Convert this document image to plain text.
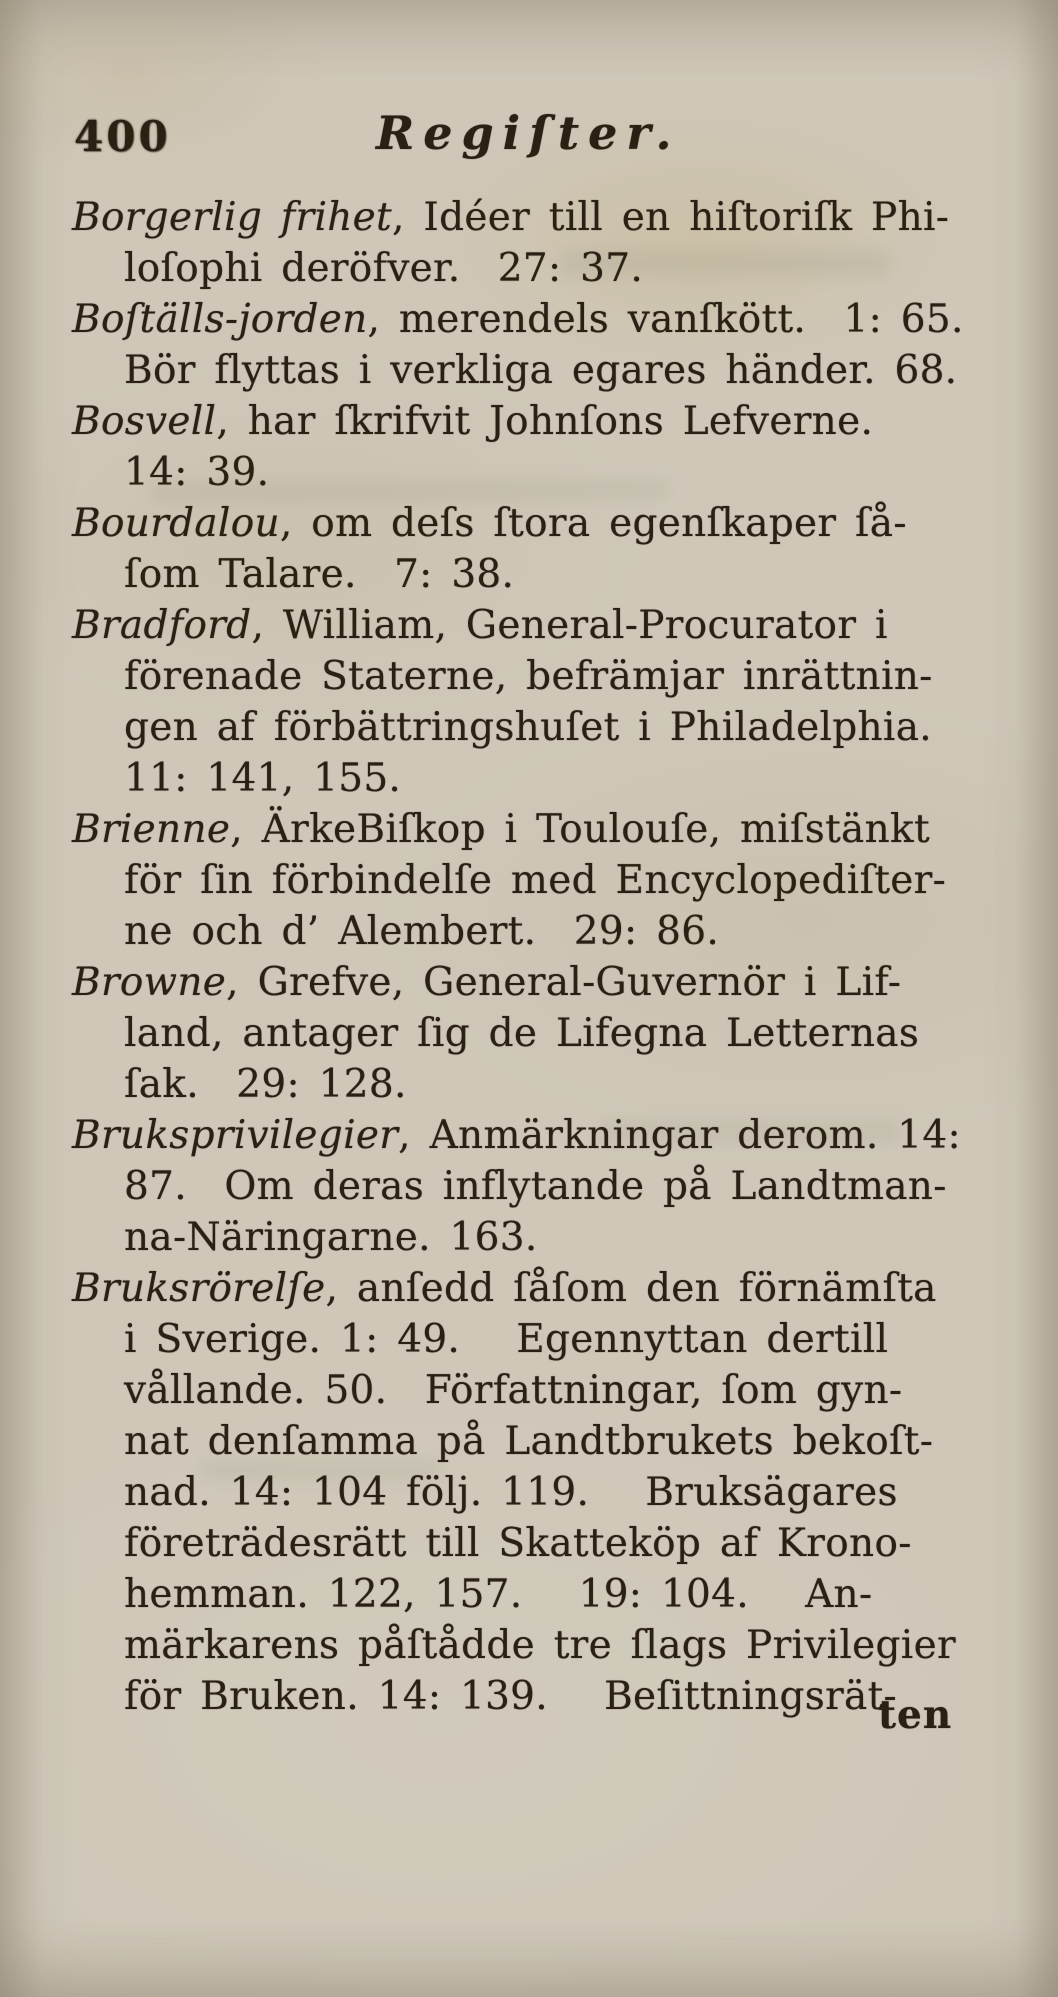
400	Regiſter.
Borgerlig frihet, Idéer till en hiſtoriſk Phi-
loſophi deröfver.  27: 37.
Boſtälls-jorden, merendels vanſkött.  1: 65.
Bör flyttas i verkliga egares händer. 68.
Bosvell, har ſkrifvit Johnſons Lefverne.
14: 39.
Bourdalou, om deſs ſtora egenſkaper ſå-
ſom Talare.  7: 38.
Bradford, William, General-Procurator i
förenade Staterne, befrämjar inrättnin-
gen af förbättringshuſet i Philadelphia.
11: 141, 155.
Brienne, ÄrkeBiſkop i Toulouſe, miſstänkt
för ſin förbindelſe med Encyclopediſter-
ne och d’ Alembert.  29: 86.
Browne, Grefve, General-Guvernör i Lif-
land, antager ſig de Lifegna Letternas
ſak.  29: 128.
Bruksprivilegier, Anmärkningar derom. 14:
87.  Om deras inflytande på Landtman-
na-Näringarne. 163.
Bruksrörelſe, anſedd ſåſom den förnämſta
i Sverige. 1: 49.   Egennyttan dertill
vållande. 50.  Författningar, ſom gyn-
nat denſamma på Landtbrukets bekoſt-
nad. 14: 104 följ. 119.   Bruksägares
företrädesrätt till Skatteköp af Krono-
hemman. 122, 157.   19: 104.   An-
märkarens påſtådde tre ſlags Privilegier
för Bruken. 14: 139.   Beſittningsrät-
ten
